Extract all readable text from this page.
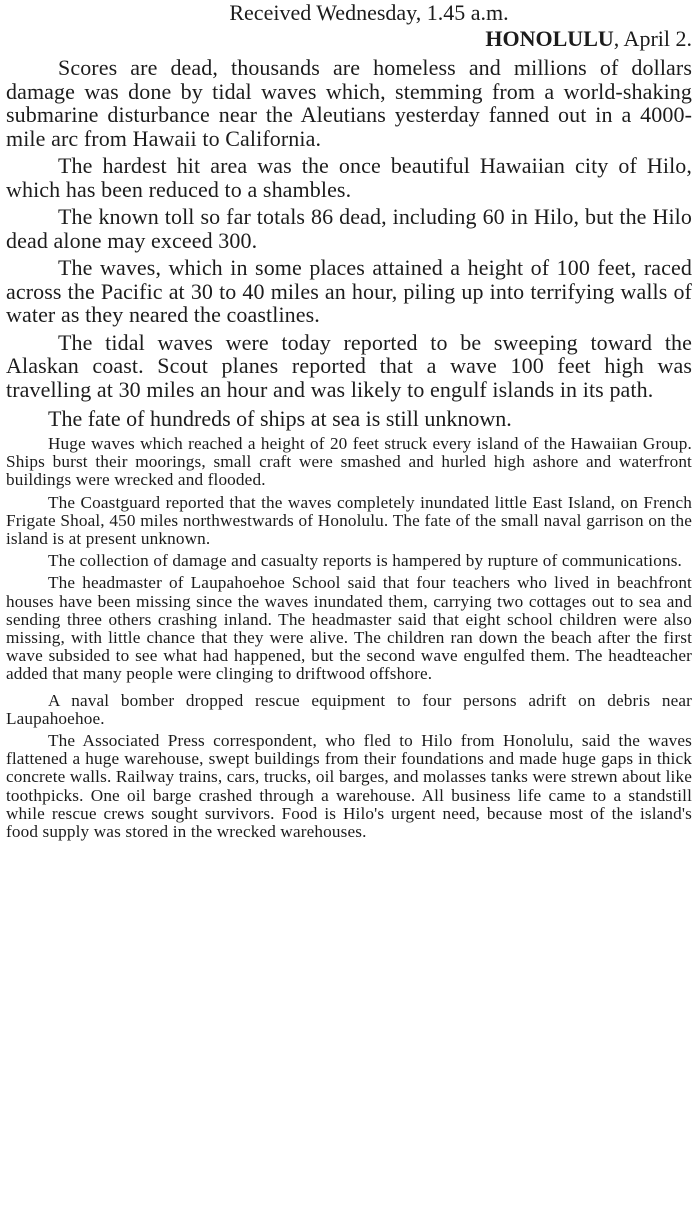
Received Wednesday, 1.45 a.m.

HONOLULU, April 2.

Scores are dead, thousands are homeless and millions of dollars damage was done by tidal waves which, stemming from a world-shaking submarine disturbance near the Aleutians yesterday fanned out in a 4000-mile arc from Hawaii to California.

The hardest hit area was the once beautiful Hawaiian city of Hilo, which has been reduced to a shambles.

The known toll so far totals 86 dead, including 60 in Hilo, but the Hilo dead alone may exceed 300.

The waves, which in some places attained a height of 100 feet, raced across the Pacific at 30 to 40 miles an hour, piling up into terrifying walls of water as they neared the coastlines.

The tidal waves were today reported to be sweeping toward the Alaskan coast. Scout planes reported that a wave 100 feet high was travelling at 30 miles an hour and was likely to engulf islands in its path.

The fate of hundreds of ships at sea is still unknown.

Huge waves which reached a height of 20 feet struck every island of the Hawaiian Group. Ships burst their moorings, small craft were smashed and hurled high ashore and waterfront buildings were wrecked and flooded.

The Coastguard reported that the waves completely inundated little East Island, on French Frigate Shoal, 450 miles northwestwards of Honolulu. The fate of the small naval garrison on the island is at present unknown.

The collection of damage and casualty reports is hampered by rupture of communications.

The headmaster of Laupahoehoe School said that four teachers who lived in beachfront houses have been missing since the waves inundated them, carrying two cottages out to sea and sending three others crashing inland. The headmaster said that eight school children were also missing, with little chance that they were alive. The children ran down the beach after the first wave subsided to see what had happened, but the second wave engulfed them. The headteacher added that many people were clinging to driftwood offshore.

A naval bomber dropped rescue equipment to four persons adrift on debris near Laupahoehoe.

The Associated Press correspondent, who fled to Hilo from Honolulu, said the waves flattened a huge warehouse, swept buildings from their foundations and made huge gaps in thick concrete walls. Railway trains, cars, trucks, oil barges, and molasses tanks were strewn about like toothpicks. One oil barge crashed through a warehouse. All business life came to a standstill while rescue crews sought survivors. Food is Hilo's urgent need, because most of the island's food supply was stored in the wrecked warehouses.
